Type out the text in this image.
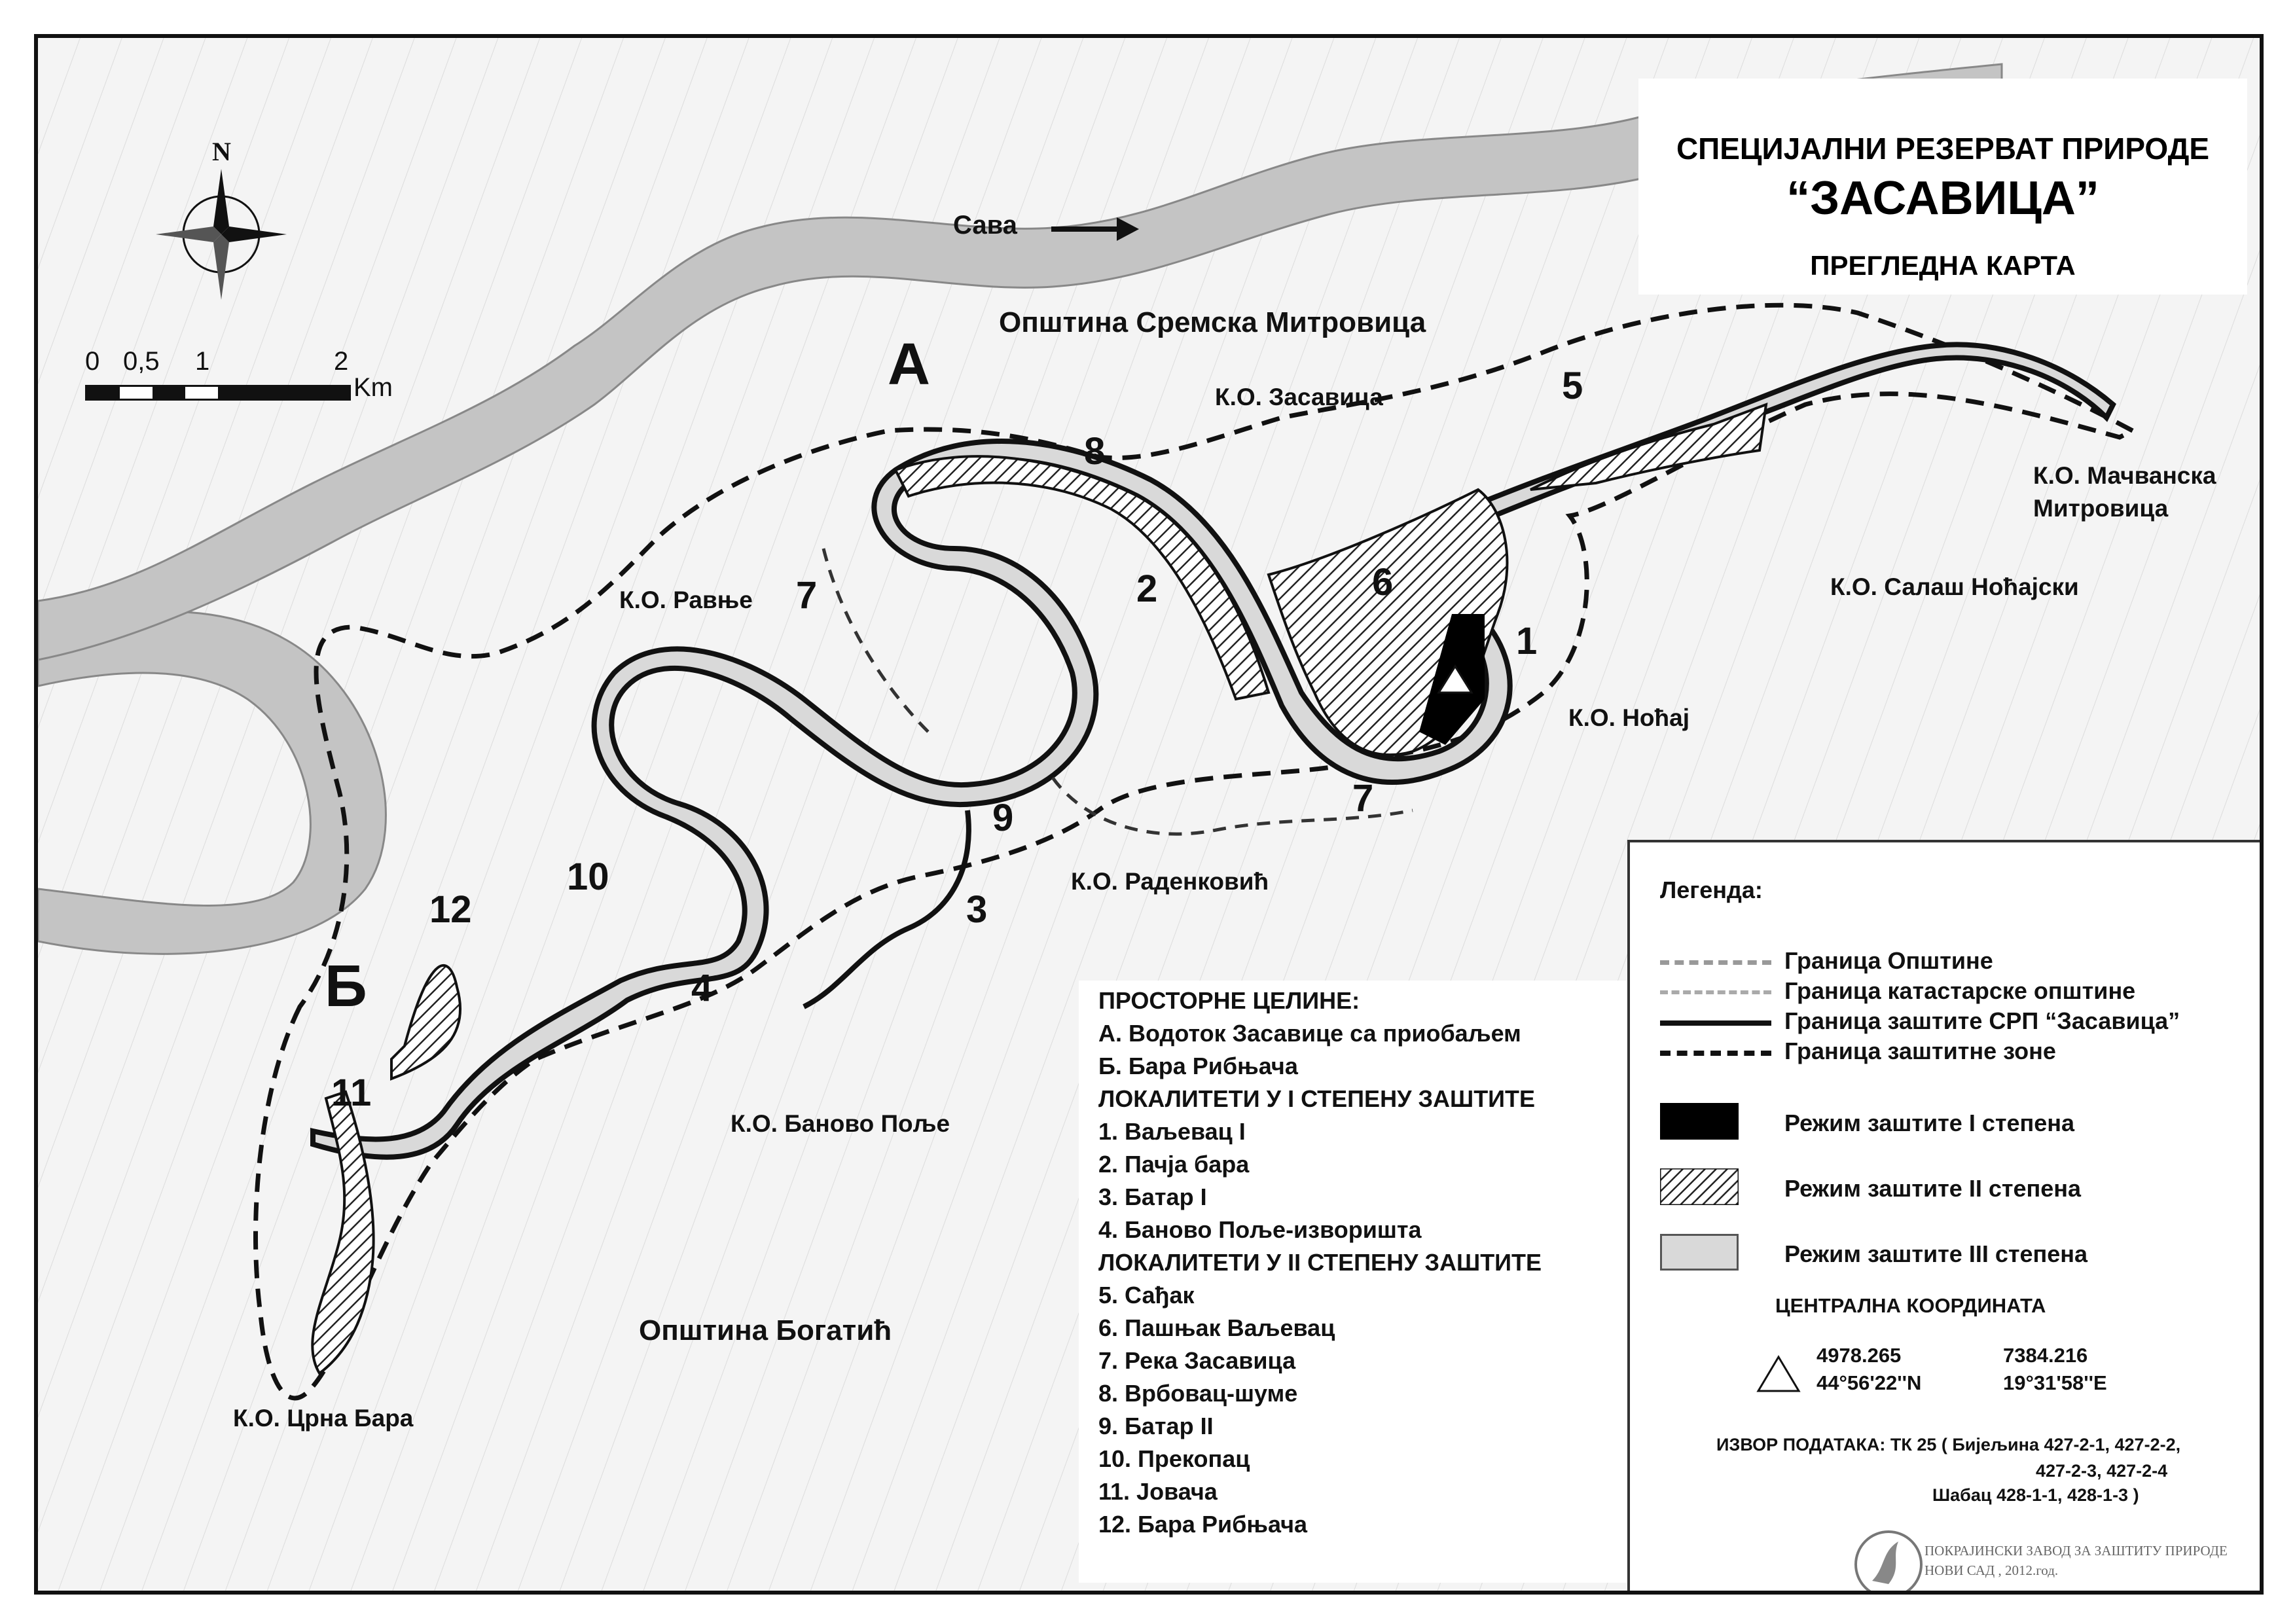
N
0 0,5 1	2
Km
Сава
Општина Сремска Митровица
Општина Богатић
К.О. Засавица
К.О. Равње
К.О. Мачванска
Митровица
К.О. Салаш Ноћајски
К.О. Ноћај
К.О. Раденковић
К.О. Баново Поље
К.О. Црна Бара
А
Б
1
2
3
4
5
6
7
7
8
9
10
11
12
СПЕЦИЈАЛНИ РЕЗЕРВАТ ПРИРОДЕ
“ЗАСАВИЦА”
ПРЕГЛЕДНА КАРТА
ПРОСТОРНЕ ЦЕЛИНЕ:
А. Водоток Засавице са приобаљем
Б. Бара Рибњача
ЛОКАЛИТЕТИ У I СТЕПЕНУ ЗАШТИТЕ
1. Ваљевац I
2. Пачја бара
3. Батар I
4. Баново Поље-изворишта
ЛОКАЛИТЕТИ У II СТЕПЕНУ ЗАШТИТЕ
5. Сађак
6. Пашњак Ваљевац
7. Река Засавица
8. Врбовац-шуме
9. Батар II
10. Прекопац
11. Јовача
12. Бара Рибњача
Легенда:
Граница Општине
Граница катастарске општине
Граница заштите СРП “Засавица”
Граница заштитне зоне
Режим заштите I степена
Режим заштите II степена
Режим заштите III степена
ЦЕНТРАЛНА КООРДИНАТА
4978.265
44°56'22''N
7384.216
19°31'58''E
ИЗВОР ПОДАТАКА: ТК 25 ( Бијељина 427-2-1, 427-2-2,
427-2-3, 427-2-4
Шабац 428-1-1, 428-1-3 )
ПОКРАЈИНСКИ ЗАВОД ЗА ЗАШТИТУ ПРИРОДЕ
НОВИ САД , 2012.год.
